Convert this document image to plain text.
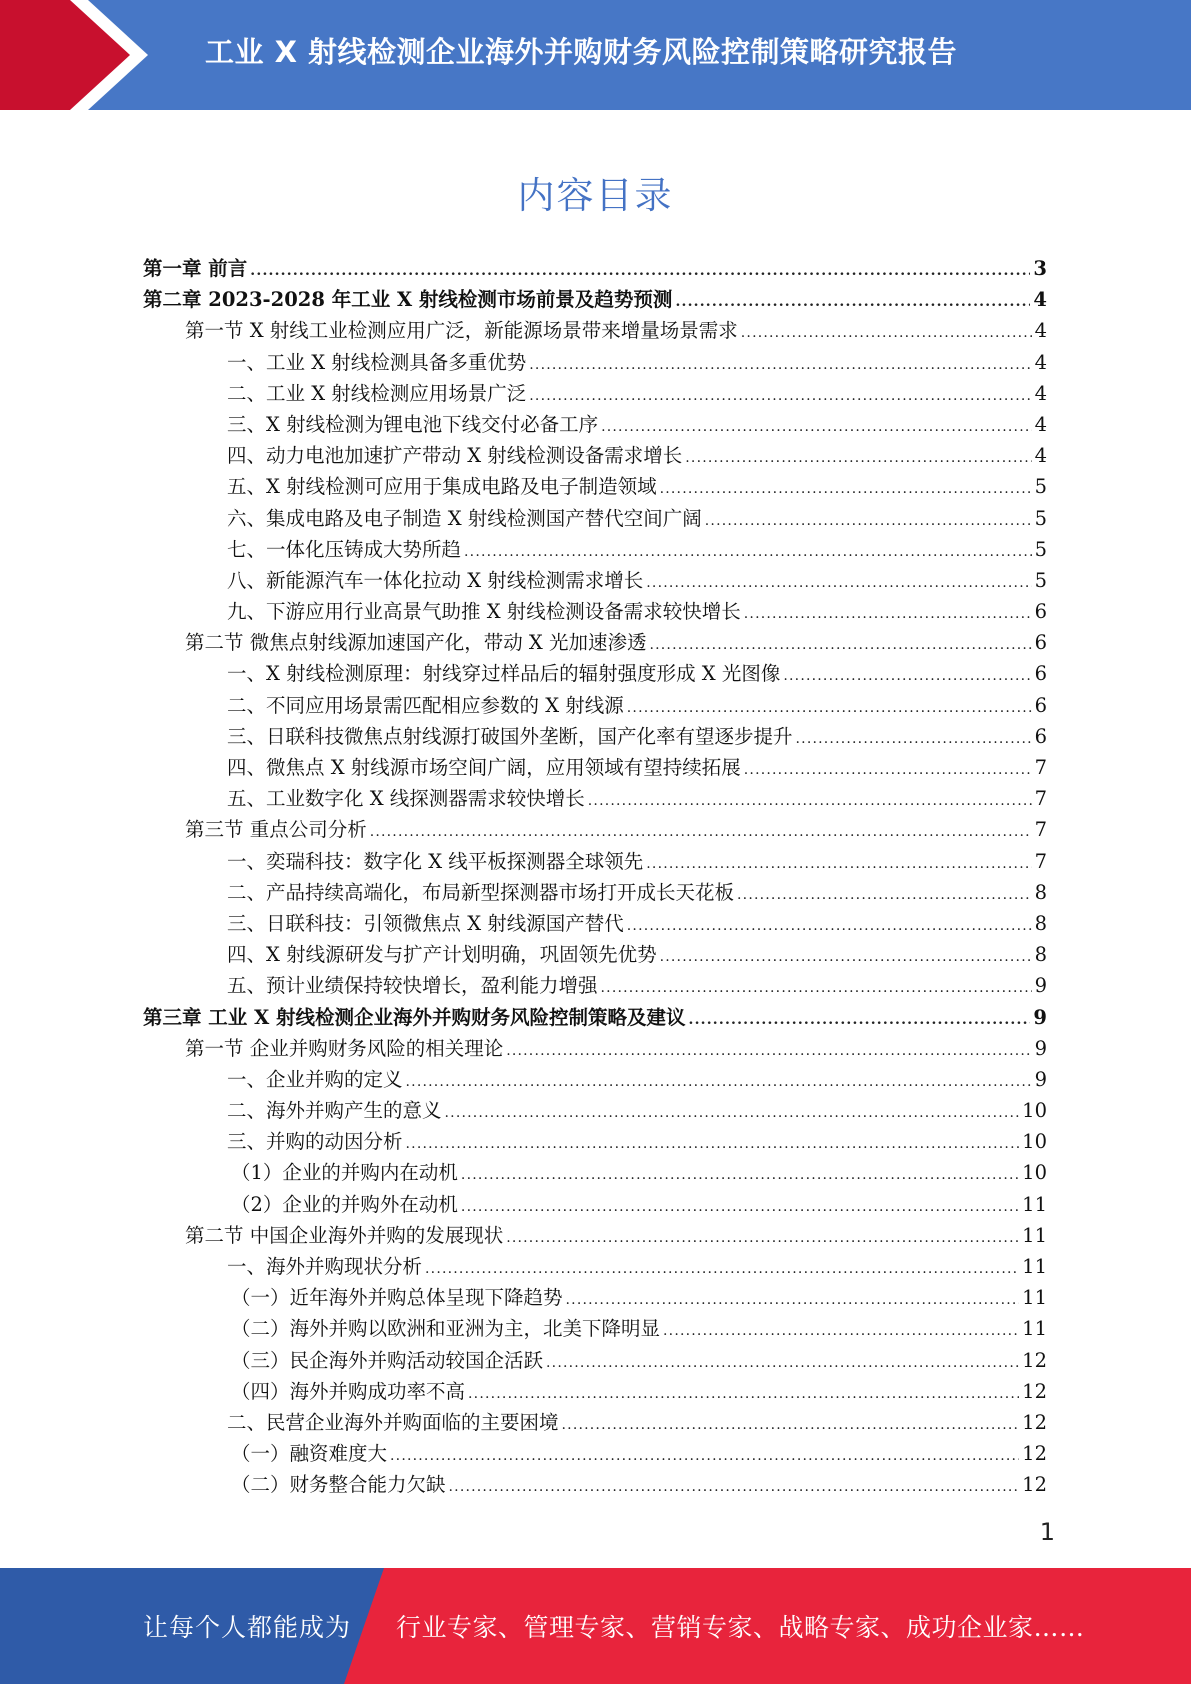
工业 X 射线检测企业海外并购财务风险控制策略研究报告
内容目录
第一章 前言 .....	3
第二章 2023-2028 年工业 X 射线检测市场前景及趋势预测 .....	4
第一节 X 射线工业检测应用广泛，新能源场景带来增量场景需求 .....	4
一、工业 X 射线检测具备多重优势 .....	4
二、工业 X 射线检测应用场景广泛 .....	4
三、X 射线检测为锂电池下线交付必备工序 .....	4
四、动力电池加速扩产带动 X 射线检测设备需求增长 .....	4
五、X 射线检测可应用于集成电路及电子制造领域 .....	5
六、集成电路及电子制造 X 射线检测国产替代空间广阔 .....	5
七、一体化压铸成大势所趋 .....	5
八、新能源汽车一体化拉动 X 射线检测需求增长 .....	5
九、下游应用行业高景气助推 X 射线检测设备需求较快增长 .....	6
第二节 微焦点射线源加速国产化，带动 X 光加速渗透 .....	6
一、X 射线检测原理：射线穿过样品后的辐射强度形成 X 光图像 .....	6
二、不同应用场景需匹配相应参数的 X 射线源 .....	6
三、日联科技微焦点射线源打破国外垄断，国产化率有望逐步提升 .....	6
四、微焦点 X 射线源市场空间广阔，应用领域有望持续拓展 .....	7
五、工业数字化 X 线探测器需求较快增长 .....	7
第三节 重点公司分析 .....	7
一、奕瑞科技：数字化 X 线平板探测器全球领先 .....	7
二、产品持续高端化，布局新型探测器市场打开成长天花板 .....	8
三、日联科技：引领微焦点 X 射线源国产替代 .....	8
四、X 射线源研发与扩产计划明确，巩固领先优势 .....	8
五、预计业绩保持较快增长，盈利能力增强 .....	9
第三章 工业 X 射线检测企业海外并购财务风险控制策略及建议 .....	9
第一节 企业并购财务风险的相关理论 .....	9
一、企业并购的定义 .....	9
二、海外并购产生的意义 .....	10
三、并购的动因分析 .....	10
（1）企业的并购内在动机 .....	10
（2）企业的并购外在动机 .....	11
第二节 中国企业海外并购的发展现状 .....	11
一、海外并购现状分析 .....	11
（一）近年海外并购总体呈现下降趋势 .....	11
（二）海外并购以欧洲和亚洲为主，北美下降明显 .....	11
（三）民企海外并购活动较国企活跃 .....	12
（四）海外并购成功率不高 .....	12
二、民营企业海外并购面临的主要困境 .....	12
（一）融资难度大 .....	12
（二）财务整合能力欠缺 .....	12
1
让每个人都能成为 行业专家、管理专家、营销专家、战略专家、成功企业家……
